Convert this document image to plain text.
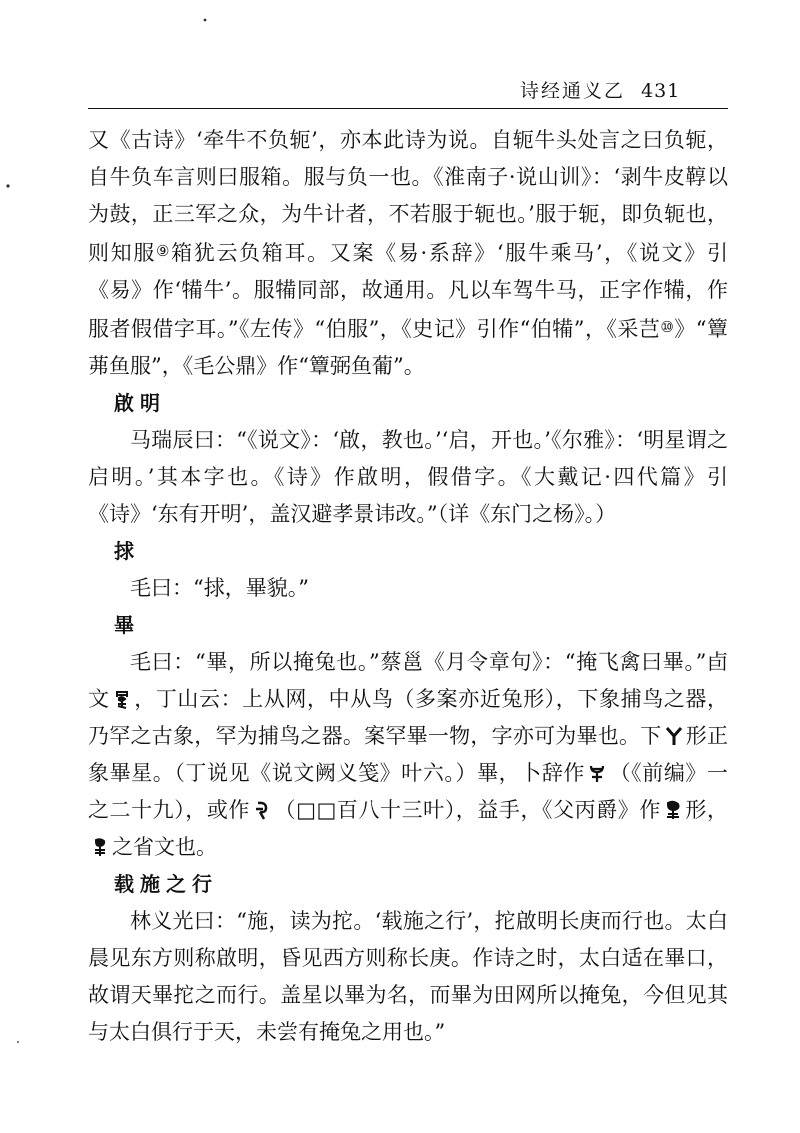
诗经通义乙 431

又《古诗》‘牵牛不负轭’，亦本此诗为说。自轭牛头处言之曰负轭，自牛负车言则曰服箱。服与负一也。《淮南子·说山训》：‘剥牛皮鞟以为鼓，正三军之众，为牛计者，不若服于轭也。’服于轭，即负轭也，则知服⑨箱犹云负箱耳。又案《易·系辞》‘服牛乘马’，《说文》引《易》作‘犕牛’。服犕同部，故通用。凡以车驾牛马，正字作犕，作服者假借字耳。”《左传》“伯服”，《史记》引作“伯犕”，《采芑⑩》“簟茀鱼服”，《毛公鼎》作“簟弼鱼葡”。

啟明

马瑞辰曰：“《说文》：‘啟，教也。’‘启，开也。’《尔雅》：‘明星谓之启明。’其本字也。《诗》作啟明，假借字。《大戴记·四代篇》引《诗》‘东有开明’，盖汉避孝景讳改。”（详《东门之杨》。）

捄

毛曰：“捄，畢貌。”

畢

毛曰：“畢，所以掩兔也。”蔡邕《月令章句》：“掩飞禽曰畢。”卣文 ，丁山云：上从网，中从鸟（多案亦近兔形），下象捕鸟之器，乃罕之古象，罕为捕鸟之器。案罕畢一物，字亦可为畢也。下 形正象畢星。（丁说见《说文阙义笺》叶六。）畢，卜辞作 （《前编》一之二十九），或作 （□□百八十三叶），益手，《父丙爵》作 形，
之省文也。

载施之行

林义光曰：“施，读为拕。‘载施之行’，拕啟明长庚而行也。太白晨见东方则称啟明，昏见西方则称长庚。作诗之时，太白适在畢口，故谓天畢拕之而行。盖星以畢为名，而畢为田网所以掩兔，今但见其与太白俱行于天，未尝有掩兔之用也。”
